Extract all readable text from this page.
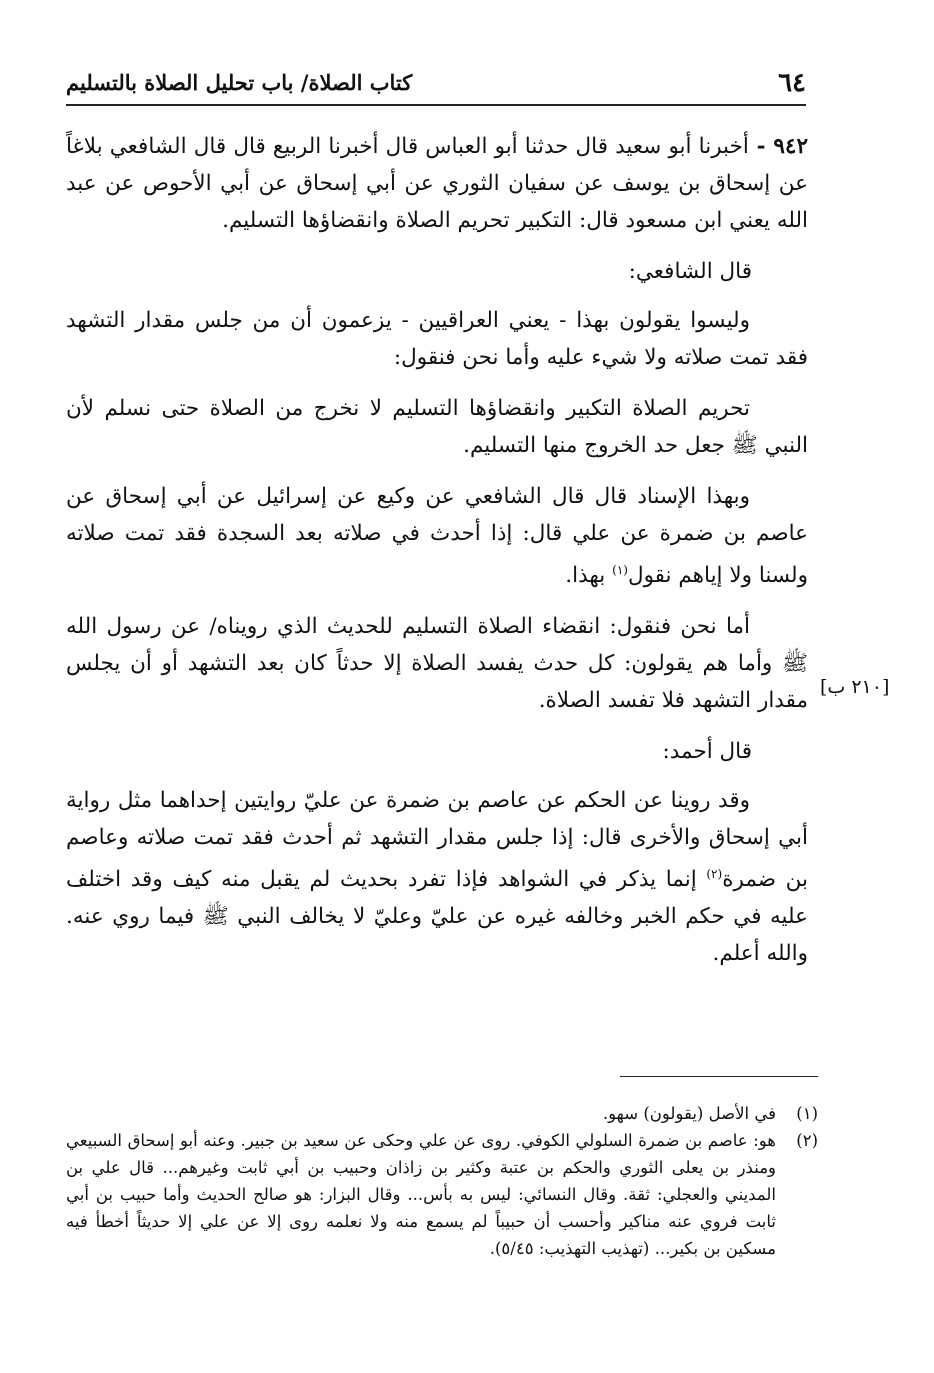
٦٤
كتاب الصلاة/ باب تحليل الصلاة بالتسليم
[٢١٠ ب]

٩٤٢ - أخبرنا أبو سعيد قال حدثنا أبو العباس قال أخبرنا الربيع قال قال الشافعي بلاغاً عن إسحاق بن يوسف عن سفيان الثوري عن أبي إسحاق عن أبي الأحوص عن عبد الله يعني ابن مسعود قال: التكبير تحريم الصلاة وانقضاؤها التسليم.

قال الشافعي:

وليسوا يقولون بهذا - يعني العراقيين - يزعمون أن من جلس مقدار التشهد فقد تمت صلاته ولا شيء عليه وأما نحن فنقول:

تحريم الصلاة التكبير وانقضاؤها التسليم لا نخرج من الصلاة حتى نسلم لأن النبي ﷺ جعل حد الخروج منها التسليم.

وبهذا الإسناد قال قال الشافعي عن وكيع عن إسرائيل عن أبي إسحاق عن عاصم بن ضمرة عن علي قال: إذا أحدث في صلاته بعد السجدة فقد تمت صلاته ولسنا ولا إياهم نقول$^{(١)}$ بهذا.

أما نحن فنقول: انقضاء الصلاة التسليم للحديث الذي رويناه/ عن رسول الله ﷺ وأما هم يقولون: كل حدث يفسد الصلاة إلا حدثاً كان بعد التشهد أو أن يجلس مقدار التشهد فلا تفسد الصلاة.

قال أحمد:

وقد روينا عن الحكم عن عاصم بن ضمرة عن عليّ روايتين إحداهما مثل رواية أبي إسحاق والأخرى قال: إذا جلس مقدار التشهد ثم أحدث فقد تمت صلاته وعاصم بن ضمرة$^{(٢)}$ إنما يذكر في الشواهد فإذا تفرد بحديث لم يقبل منه كيف وقد اختلف عليه في حكم الخبر وخالفه غيره عن عليّ وعليّ لا يخالف النبي ﷺ فيما روي عنه. والله أعلم.

(١)
في الأصل (يقولون) سهو.
(٢)
هو: عاصم بن ضمرة السلولي الكوفي. روى عن علي وحكى عن سعيد بن جبير. وعنه أبو إسحاق السبيعي ومنذر بن يعلى الثوري والحكم بن عتبة وكثير بن زاذان وحبيب بن أبي ثابت وغيرهم... قال علي بن المديني والعجلي: ثقة. وقال النسائي: ليس به بأس... وقال البزار: هو صالح الحديث وأما حبيب بن أبي ثابت فروي عنه مناكير وأحسب أن حبيباً لم يسمع منه ولا نعلمه روى إلا عن علي إلا حديثاً أخطأ فيه مسكين بن بكير... (تهذيب التهذيب: ٥/٤٥).
